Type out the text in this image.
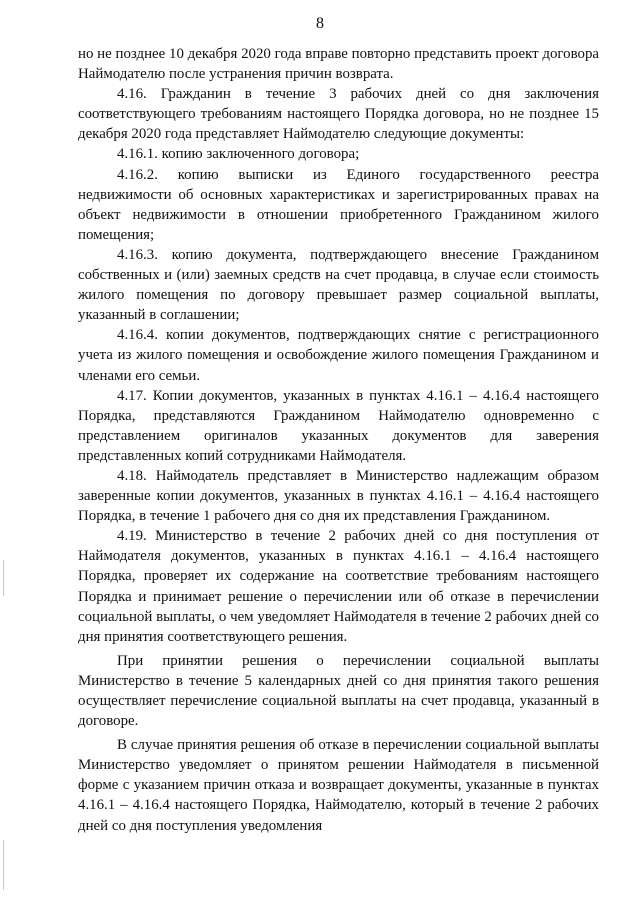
8

но не позднее 10 декабря 2020 года вправе повторно представить проект договора Наймодателю после устранения причин возврата.

4.16. Гражданин в течение 3 рабочих дней со дня заключения соответствующего требованиям настоящего Порядка договора, но не позднее 15 декабря 2020 года представляет Наймодателю следующие документы:

4.16.1. копию заключенного договора;

4.16.2. копию выписки из Единого государственного реестра недвижимости об основных характеристиках и зарегистрированных правах на объект недвижимости в отношении приобретенного Гражданином жилого помещения;

4.16.3. копию документа, подтверждающего внесение Гражданином собственных и (или) заемных средств на счет продавца, в случае если стоимость жилого помещения по договору превышает размер социальной выплаты, указанный в соглашении;

4.16.4. копии документов, подтверждающих снятие с регистрационного учета из жилого помещения и освобождение жилого помещения Гражданином и членами его семьи.

4.17. Копии документов, указанных в пунктах 4.16.1 – 4.16.4 настоящего Порядка, представляются Гражданином Наймодателю одновременно с представлением оригиналов указанных документов для заверения представленных копий сотрудниками Наймодателя.

4.18. Наймодатель представляет в Министерство надлежащим образом заверенные копии документов, указанных в пунктах 4.16.1 – 4.16.4 настоящего Порядка, в течение 1 рабочего дня со дня их представления Гражданином.

4.19. Министерство в течение 2 рабочих дней со дня поступления от Наймодателя документов, указанных в пунктах 4.16.1 – 4.16.4 настоящего Порядка, проверяет их содержание на соответствие требованиям настоящего Порядка и принимает решение о перечислении или об отказе в перечислении социальной выплаты, о чем уведомляет Наймодателя в течение 2 рабочих дней со дня принятия соответствующего решения.

При принятии решения о перечислении социальной выплаты Министерство в течение 5 календарных дней со дня принятия такого решения осуществляет перечисление социальной выплаты на счет продавца, указанный в договоре.

В случае принятия решения об отказе в перечислении социальной выплаты Министерство уведомляет о принятом решении Наймодателя в письменной форме с указанием причин отказа и возвращает документы, указанные в пунктах 4.16.1 – 4.16.4 настоящего Порядка, Наймодателю, который в течение 2 рабочих дней со дня поступления уведомления
